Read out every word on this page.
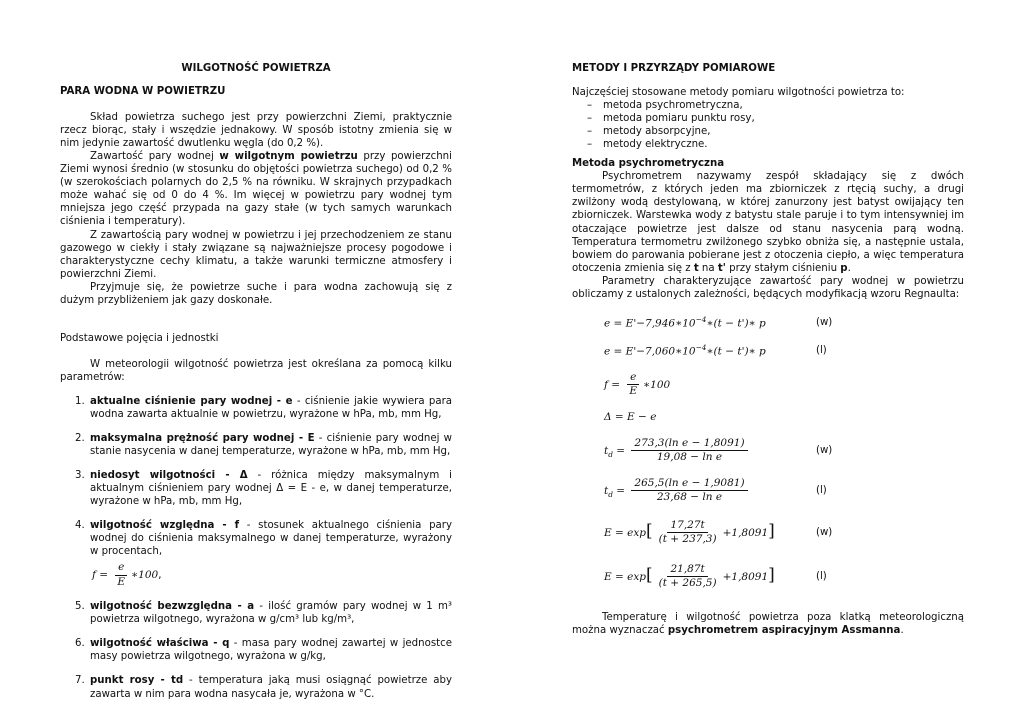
WILGOTNOŚĆ POWIETRZA

PARA WODNA W POWIETRZU

Skład powietrza suchego jest przy powierzchni Ziemi, praktycznie rzecz biorąc, stały i wszędzie jednakowy. W sposób istotny zmienia się w nim jedynie zawartość dwutlenku węgla (do 0,2 %).

Zawartość pary wodnej w wilgotnym powietrzu przy powierzchni Ziemi wynosi średnio (w stosunku do objętości powietrza suchego) od 0,2 % (w szerokościach polarnych do 2,5 % na równiku. W skrajnych przypadkach może wahać się od 0 do 4 %. Im więcej w powietrzu pary wodnej tym mniejsza jego część przypada na gazy stałe (w tych samych warunkach ciśnienia i temperatury).

Z zawartością pary wodnej w powietrzu i jej przechodzeniem ze stanu gazowego w ciekły i stały związane są najważniejsze procesy pogodowe i charakterystyczne cechy klimatu, a także warunki termiczne atmosfery i powierzchni Ziemi.

Przyjmuje się, że powietrze suche i para wodna zachowują się z dużym przybliżeniem jak gazy doskonałe.

Podstawowe pojęcia i jednostki

W meteorologii wilgotność powietrza jest określana za pomocą kilku parametrów:

1. aktualne ciśnienie pary wodnej - e - ciśnienie jakie wywiera para wodna zawarta aktualnie w powietrzu, wyrażone w hPa, mb, mm Hg,
2. maksymalna prężność pary wodnej - E - ciśnienie pary wodnej w stanie nasycenia w danej temperaturze, wyrażone w hPa, mb, mm Hg,
3. niedosyt wilgotności - Δ - różnica między maksymalnym i aktualnym ciśnieniem pary wodnej Δ = E - e, w danej temperaturze, wyrażone w hPa, mb, mm Hg,
4. wilgotność względna - f - stosunek aktualnego ciśnienia pary wodnej do ciśnienia maksymalnego w danej temperaturze, wyrażony w procentach,
$f = \frac{e}{E}$ ∗100,
5. wilgotność bezwzględna - a - ilość gramów pary wodnej w 1 m³ powietrza wilgotnego, wyrażona w g/cm³ lub kg/m³,
6. wilgotność właściwa - q - masa pary wodnej zawartej w jednostce masy powietrza wilgotnego, wyrażona w g/kg,
7. punkt rosy - td - temperatura jaką musi osiągnąć powietrze aby zawarta w nim para wodna nasycała je, wyrażona w °C.

METODY I PRZYRZĄDY POMIAROWE

Najczęściej stosowane metody pomiaru wilgotności powietrza to:

– metoda psychrometryczna,
– metoda pomiaru punktu rosy,
– metody absorpcyjne,
– metody elektryczne.

Metoda psychrometryczna

Psychrometrem nazywamy zespół składający się z dwóch termometrów, z których jeden ma zbiorniczek z rtęcią suchy, a drugi zwilżony wodą destylowaną, w której zanurzony jest batyst owijający ten zbiorniczek. Warstewka wody z batystu stale paruje i to tym intensywniej im otaczające powietrze jest dalsze od stanu nasycenia parą wodną. Temperatura termometru zwilżonego szybko obniża się, a następnie ustala, bowiem do parowania pobierane jest z otoczenia ciepło, a więc temperatura otoczenia zmienia się z t na t' przy stałym ciśnieniu p.

Parametry charakteryzujące zawartość pary wodnej w powietrzu obliczamy z ustalonych zależności, będących modyfikacją wzoru Regnaulta:

$e = E'-7,946∗10^{-4}∗(t$ − t')∗ p	(w)
$e = E'-7,060∗10^{-4}∗(t$ − t')∗ p	(l)
$f = \frac{e}{E}$ ∗100
Δ = E − e
$t_d = \frac{\text{273,3(ln e − 1,8091)}}{\text{19,08 − ln e}}$	(w)
$t_d = \frac{\text{265,5(ln e − 1,9081)}}{\text{23,68 − ln e}}$	(l)
$E = \exp[ \frac{17,27t}{(t + 237,3)} +1,8091]$	(w)
$E = \exp[ \frac{21,87t}{(t + 265,5)} +1,8091]$	(l)

Temperaturę i wilgotność powietrza poza klatką meteorologiczną można wyznaczać psychrometrem aspiracyjnym Assmanna.
